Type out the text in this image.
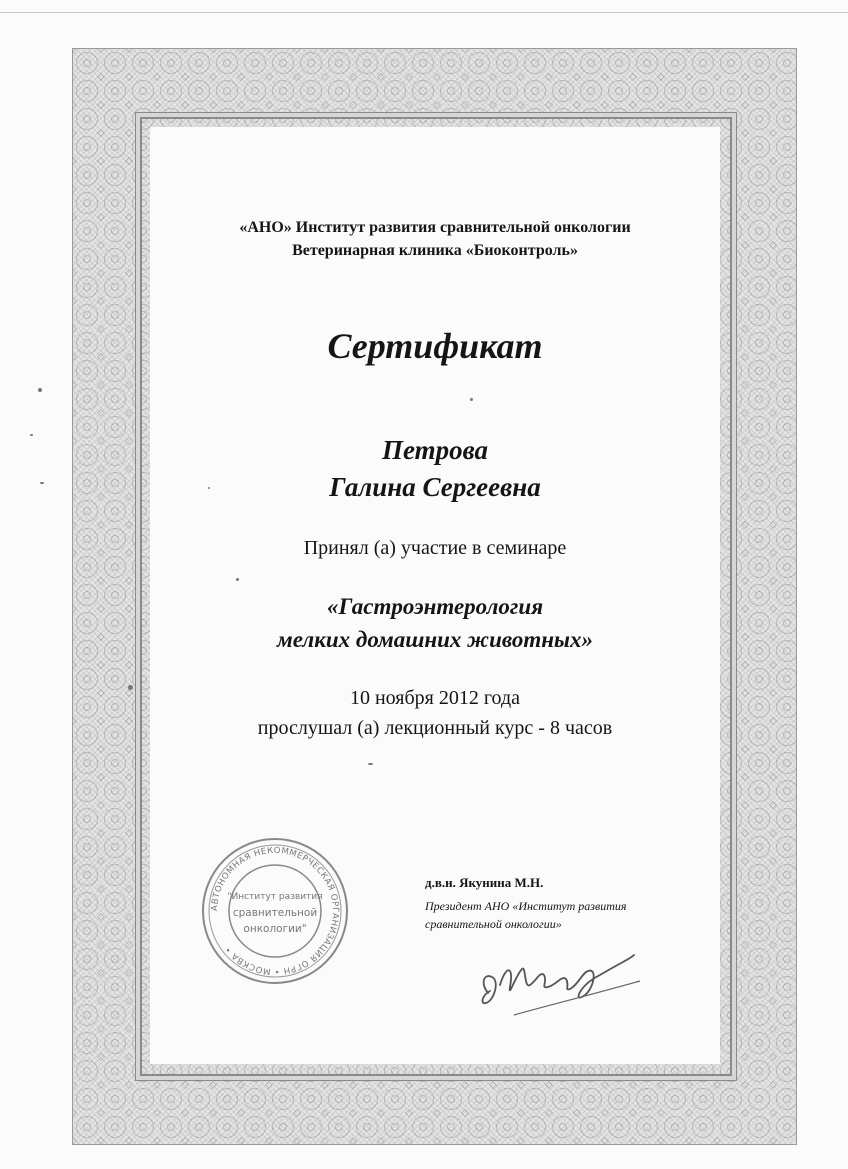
«АНО» Институт развития сравнительной онкологии
Ветеринарная клиника «Биоконтроль»
Сертификат
Петрова
Галина Сергеевна
Принял (а) участие в семинаре
«Гастроэнтерология
мелких домашних животных»
10 ноября 2012 года
прослушал (а) лекционный курс - 8 часов
д.в.н. Якунина М.Н.
Президент АНО «Институт развития
сравнительной онкологии»
АВТОНОМНАЯ НЕКОММЕРЧЕСКАЯ ОРГАНИЗАЦИЯ ОГРН • МОСКВА •
"Институт развития
сравнительной
онкологии"
